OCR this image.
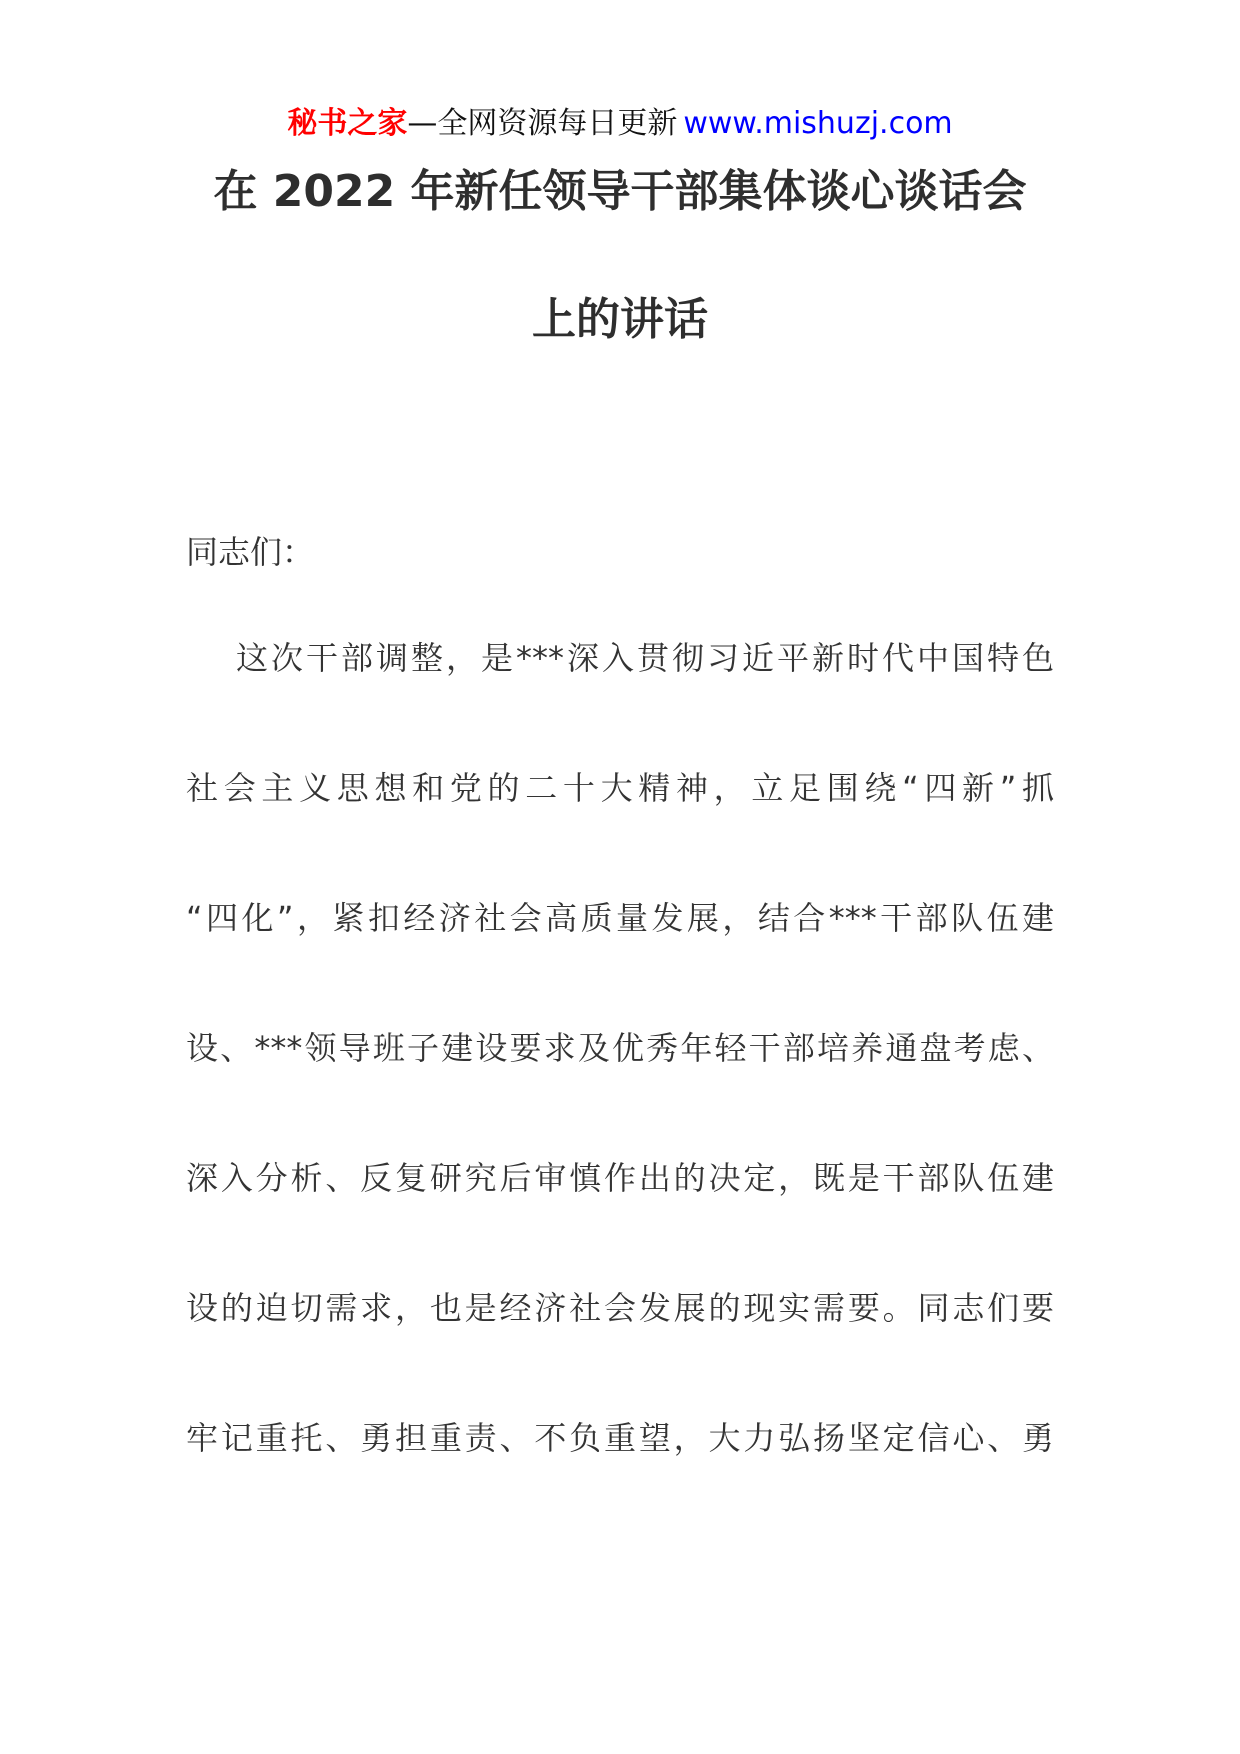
秘书之家—全网资源每日更新 www.mishuzj.com
在 2022 年新任领导干部集体谈心谈话会
上的讲话
同志们：
这次干部调整，是***深入贯彻习近平新时代中国特色
社会主义思想和党的二十大精神，立足围绕“四新”抓
“四化”，紧扣经济社会高质量发展，结合***干部队伍建
设、***领导班子建设要求及优秀年轻干部培养通盘考虑、
深入分析、反复研究后审慎作出的决定，既是干部队伍建
设的迫切需求，也是经济社会发展的现实需要。同志们要
牢记重托、勇担重责、不负重望，大力弘扬坚定信心、勇
